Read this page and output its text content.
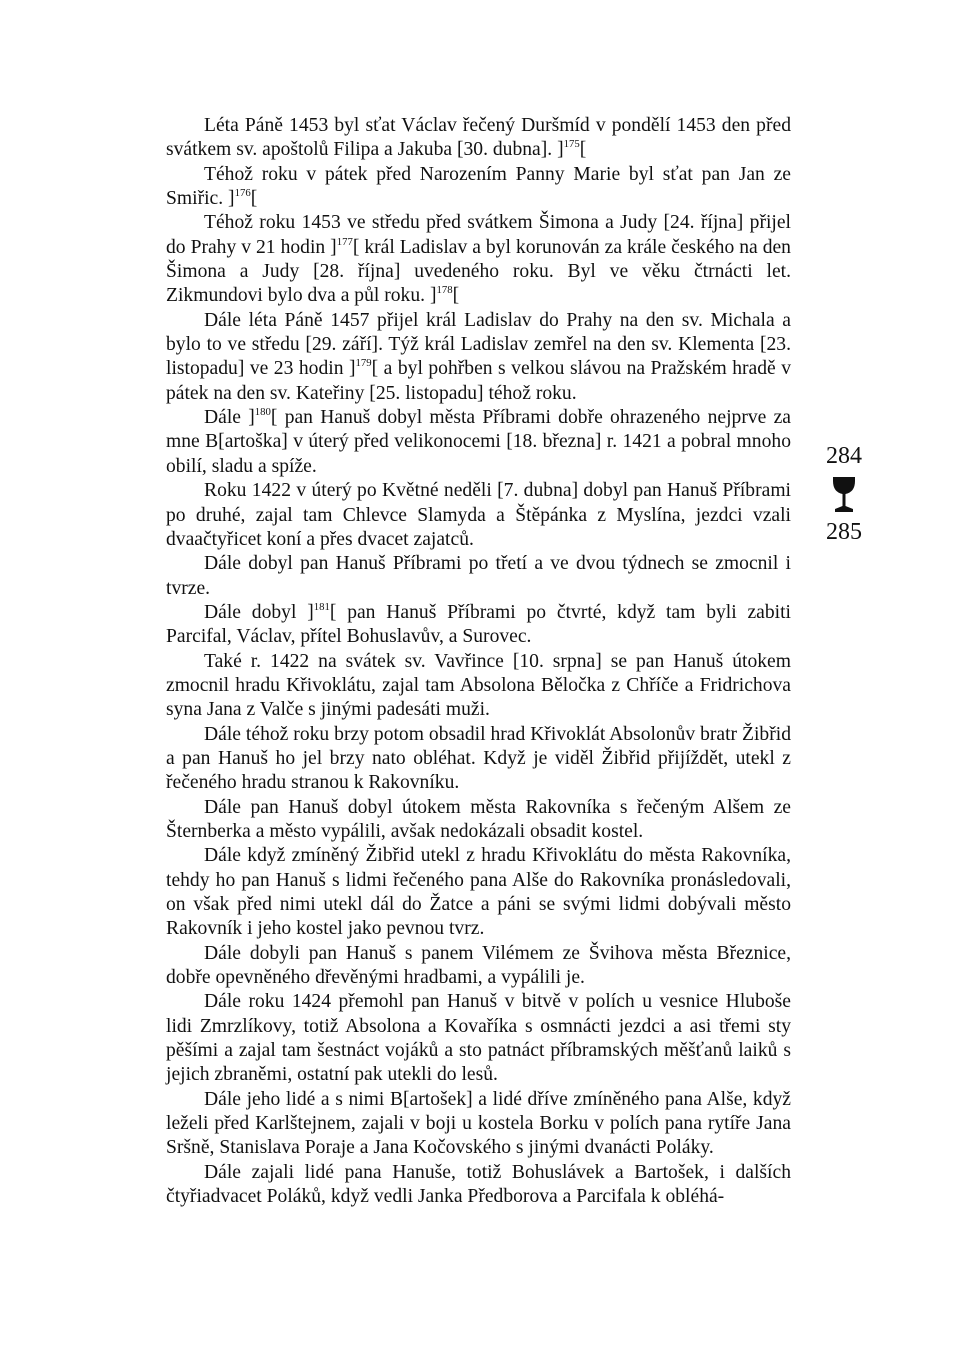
Léta Páně 1453 byl sťat Václav řečený Duršmíd v pondělí 1453 den před svátkem sv. apoštolů Filipa a Jakuba [30. dubna]. ]$^{175}$[

Téhož roku v pátek před Narozením Panny Marie byl sťat pan Jan ze Smiřic. ]$^{176}$[

Téhož roku 1453 ve středu před svátkem Šimona a Judy [24. října] přijel do Prahy v 21 hodin ]$^{177}$[ král Ladislav a byl korunován za krále českého na den Šimona a Judy [28. října] uvedeného roku. Byl ve věku čtrnácti let. Zikmundovi bylo dva a půl roku. ]$^{178}$[

Dále léta Páně 1457 přijel král Ladislav do Prahy na den sv. Michala a bylo to ve středu [29. září]. Týž král Ladislav zemřel na den sv. Klementa [23. listopadu] ve 23 hodin ]$^{179}$[ a byl pohřben s velkou slávou na Pražském hradě v pátek na den sv. Kateřiny [25. listopadu] téhož roku.

Dále ]$^{180}$[ pan Hanuš dobyl města Příbrami dobře ohrazeného nejprve za mne B[artoška] v úterý před velikonocemi [18. března] r. 1421 a pobral mnoho obilí, sladu a spíže.

Roku 1422 v úterý po Květné neděli [7. dubna] dobyl pan Hanuš Příbrami po druhé, zajal tam Chlevce Slamyda a Štěpánka z Myslína, jezdci vzali dvaačtyřicet koní a přes dvacet zajatců.

Dále dobyl pan Hanuš Příbrami po třetí a ve dvou týdnech se zmocnil i tvrze.

Dále dobyl ]$^{181}$[ pan Hanuš Příbrami po čtvrté, když tam byli zabiti Parcifal, Václav, přítel Bohuslavův, a Surovec.

Také r. 1422 na svátek sv. Vavřince [10. srpna] se pan Hanuš útokem zmocnil hradu Křivoklátu, zajal tam Absolona Běločka z Chříče a Fridrichova syna Jana z Valče s jinými padesáti muži.

Dále téhož roku brzy potom obsadil hrad Křivoklát Absolonův bratr Žibřid a pan Hanuš ho jel brzy nato obléhat. Když je viděl Žibřid přijíždět, utekl z řečeného hradu stranou k Rakovníku.

Dále pan Hanuš dobyl útokem města Rakovníka s řečeným Alšem ze Šternberka a město vypálili, avšak nedokázali obsadit kostel.

Dále když zmíněný Žibřid utekl z hradu Křivoklátu do města Rakovníka, tehdy ho pan Hanuš s lidmi řečeného pana Alše do Rakovníka pronásledovali, on však před nimi utekl dál do Žatce a páni se svými lidmi dobývali město Rakovník i jeho kostel jako pevnou tvrz.

Dále dobyli pan Hanuš s panem Vilémem ze Švihova města Březnice, dobře opevněného dřevěnými hradbami, a vypálili je.

Dále roku 1424 přemohl pan Hanuš v bitvě v polích u vesnice Hluboše lidi Zmrzlíkovy, totiž Absolona a Kovaříka s osmnácti jezdci a asi třemi sty pěšími a zajal tam šestnáct vojáků a sto patnáct příbramských měšťanů laiků s jejich zbraněmi, ostatní pak utekli do lesů.

Dále jeho lidé a s nimi B[artošek] a lidé dříve zmíněného pana Alše, když leželi před Karlštejnem, zajali v boji u kostela Borku v polích pana rytíře Jana Sršně, Stanislava Poraje a Jana Kočovského s jinými dvanácti Poláky.

Dále zajali lidé pana Hanuše, totiž Bohuslávek a Bartošek, i dalších čtyřiadvacet Poláků, když vedli Janka Předborova a Parcifala k obléhá-

284
285
